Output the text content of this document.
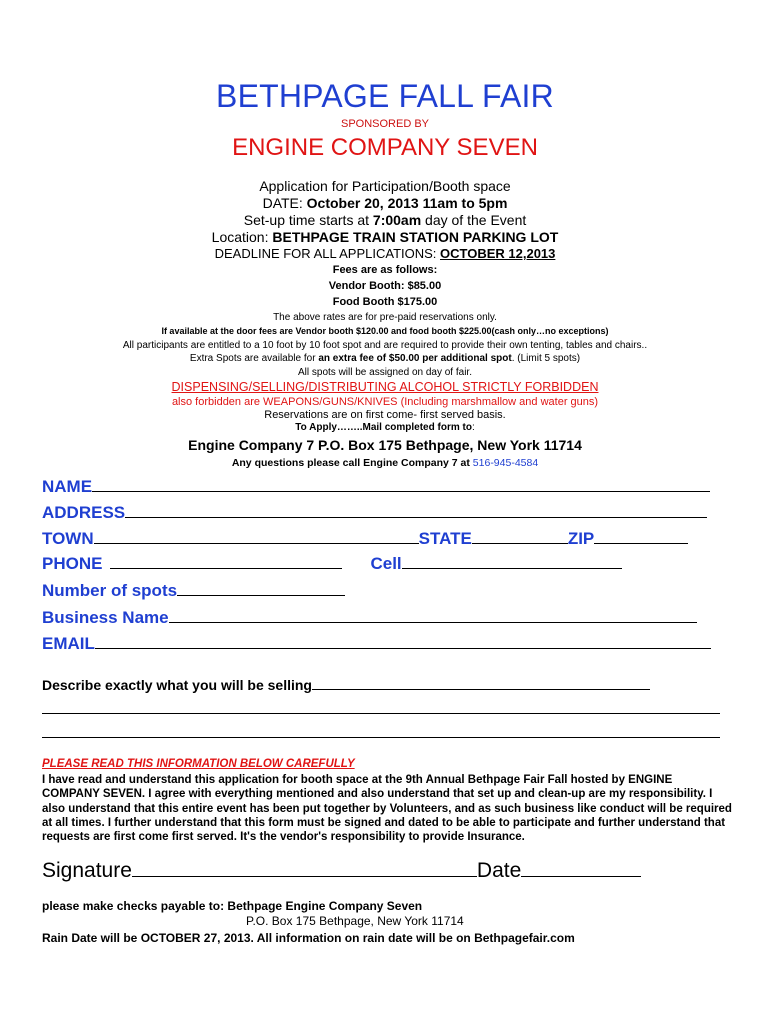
BETHPAGE FALL FAIR
SPONSORED BY
ENGINE COMPANY SEVEN
Application for Participation/Booth space
DATE: October 20, 2013 11am to 5pm
Set-up time starts at 7:00am day of the Event
Location: BETHPAGE TRAIN STATION PARKING LOT
DEADLINE FOR ALL APPLICATIONS: OCTOBER 12,2013
Fees are as follows:
Vendor Booth: $85.00
Food Booth $175.00
The above rates are for pre-paid reservations only.
If available at the door fees are Vendor booth $120.00 and food booth $225.00(cash only…no exceptions)
All participants are entitled to a 10 foot by 10 foot spot and are required to provide their own tenting, tables and chairs..
Extra Spots are available for an extra fee of $50.00 per additional spot. (Limit 5 spots)
All spots will be assigned on day of fair.
DISPENSING/SELLING/DISTRIBUTING ALCOHOL STRICTLY FORBIDDEN
also forbidden are WEAPONS/GUNS/KNIVES (Including marshmallow and water guns)
Reservations are on first come- first served basis.
To Apply……..Mail completed form to:
Engine Company 7 P.O. Box 175 Bethpage, New York 11714
Any questions please call Engine Company 7 at 516-945-4584
NAME
ADDRESS
TOWN	STATE	ZIP
PHONE	Cell
Number of spots
Business Name
EMAIL
Describe exactly what you will be selling
PLEASE READ THIS INFORMATION BELOW CAREFULLY
I have read and understand this application for booth space at the 9th Annual Bethpage Fair Fall hosted by ENGINE COMPANY SEVEN. I agree with everything mentioned and also understand that set up and clean-up are my responsibility. I also understand that this entire event has been put together by Volunteers, and as such business like conduct will be required at all times. I further understand that this form must be signed and dated to be able to participate and further understand that requests are first come first served. It's the vendor's responsibility to provide Insurance.
Signature	Date
please make checks payable to: Bethpage Engine Company Seven
P.O. Box 175 Bethpage, New York 11714
Rain Date will be OCTOBER 27, 2013. All information on rain date will be on Bethpagefair.com
